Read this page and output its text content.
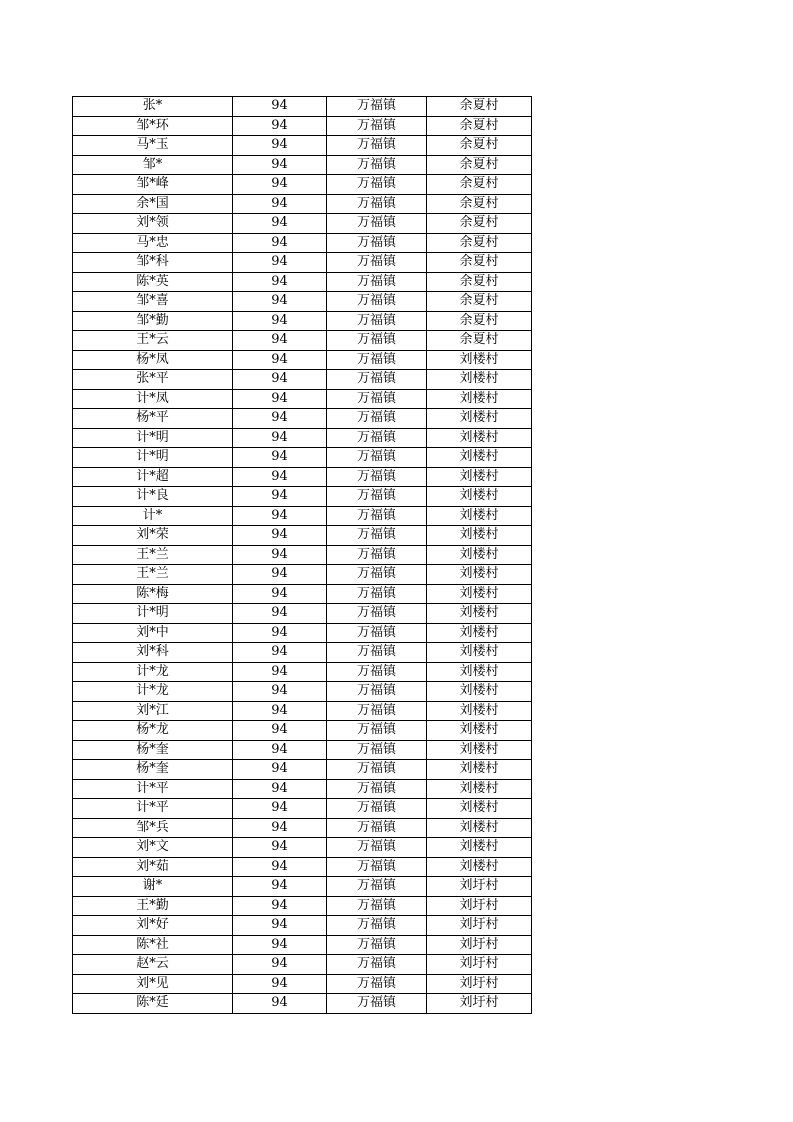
张*	94	万福镇	余夏村
邹*环	94	万福镇	余夏村
马*玉	94	万福镇	余夏村
邹*	94	万福镇	余夏村
邹*峰	94	万福镇	余夏村
余*国	94	万福镇	余夏村
刘*领	94	万福镇	余夏村
马*忠	94	万福镇	余夏村
邹*科	94	万福镇	余夏村
陈*英	94	万福镇	余夏村
邹*喜	94	万福镇	余夏村
邹*勤	94	万福镇	余夏村
王*云	94	万福镇	余夏村
杨*凤	94	万福镇	刘楼村
张*平	94	万福镇	刘楼村
计*凤	94	万福镇	刘楼村
杨*平	94	万福镇	刘楼村
计*明	94	万福镇	刘楼村
计*明	94	万福镇	刘楼村
计*超	94	万福镇	刘楼村
计*良	94	万福镇	刘楼村
计*	94	万福镇	刘楼村
刘*荣	94	万福镇	刘楼村
王*兰	94	万福镇	刘楼村
王*兰	94	万福镇	刘楼村
陈*梅	94	万福镇	刘楼村
计*明	94	万福镇	刘楼村
刘*中	94	万福镇	刘楼村
刘*科	94	万福镇	刘楼村
计*龙	94	万福镇	刘楼村
计*龙	94	万福镇	刘楼村
刘*江	94	万福镇	刘楼村
杨*龙	94	万福镇	刘楼村
杨*奎	94	万福镇	刘楼村
杨*奎	94	万福镇	刘楼村
计*平	94	万福镇	刘楼村
计*平	94	万福镇	刘楼村
邹*兵	94	万福镇	刘楼村
刘*文	94	万福镇	刘楼村
刘*茹	94	万福镇	刘楼村
谢*	94	万福镇	刘圩村
王*勤	94	万福镇	刘圩村
刘*好	94	万福镇	刘圩村
陈*社	94	万福镇	刘圩村
赵*云	94	万福镇	刘圩村
刘*见	94	万福镇	刘圩村
陈*廷	94	万福镇	刘圩村
